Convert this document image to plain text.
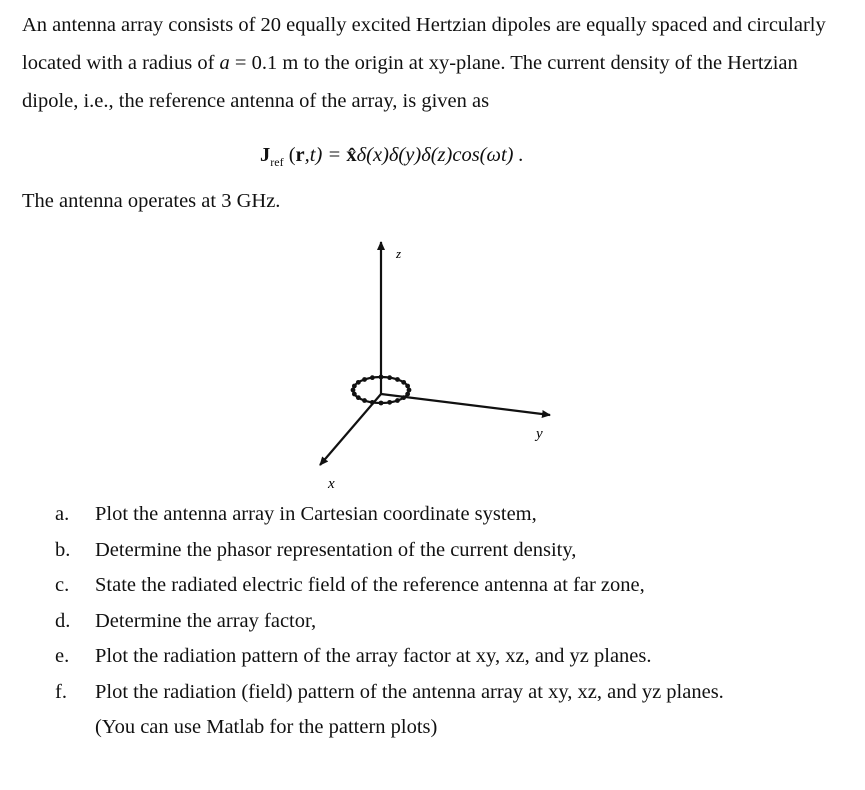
An antenna array consists of 20 equally excited Hertzian dipoles are equally spaced and circularly located with a radius of a = 0.1 m to the origin at xy-plane. The current density of the Hertzian dipole, i.e., the reference antenna of the array, is given as

$J_{ref}$ (r,t) = x̂δ(x)δ(y)δ(z)cos(ωt) .

The antenna operates at 3 GHz.

z
y
x
a.	Plot the antenna array in Cartesian coordinate system,
b.	Determine the phasor representation of the current density,
c.	State the radiated electric field of the reference antenna at far zone,
d.	Determine the array factor,
e.	Plot the radiation pattern of the array factor at xy, xz, and yz planes.
f.	Plot the radiation (field) pattern of the antenna array at xy, xz, and yz planes.
(You can use Matlab for the pattern plots)
